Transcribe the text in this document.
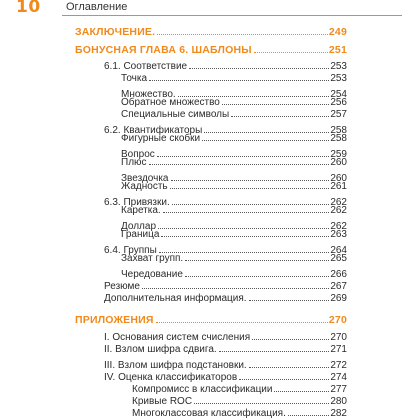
10 Оглавление
ЗАКЛЮЧЕНИЕ.	249
БОНУСНАЯ ГЛАВА 6. ШАБЛОНЫ	251
6.1. Соответствие	253
Точка	253
Множество.	254
Обратное множество	256
Специальные символы	257
6.2. Квантификаторы	258
Фигурные скобки	258
Вопрос	259
Плюс	260
Звездочка	260
Жадность	261
6.3. Привязки.	262
Каретка.	262
Доллар	262
Граница	263
6.4. Группы	264
Захват групп.	265
Чередование	266
Резюме	267
Дополнительная информация.	269
ПРИЛОЖЕНИЯ	270
I. Основания систем счисления	270
II. Взлом шифра сдвига.	271
III. Взлом шифра подстановки.	272
IV. Оценка классификаторов	274
Компромисс в классификации	277
Кривые ROC	280
Многоклассовая классификация.	282
